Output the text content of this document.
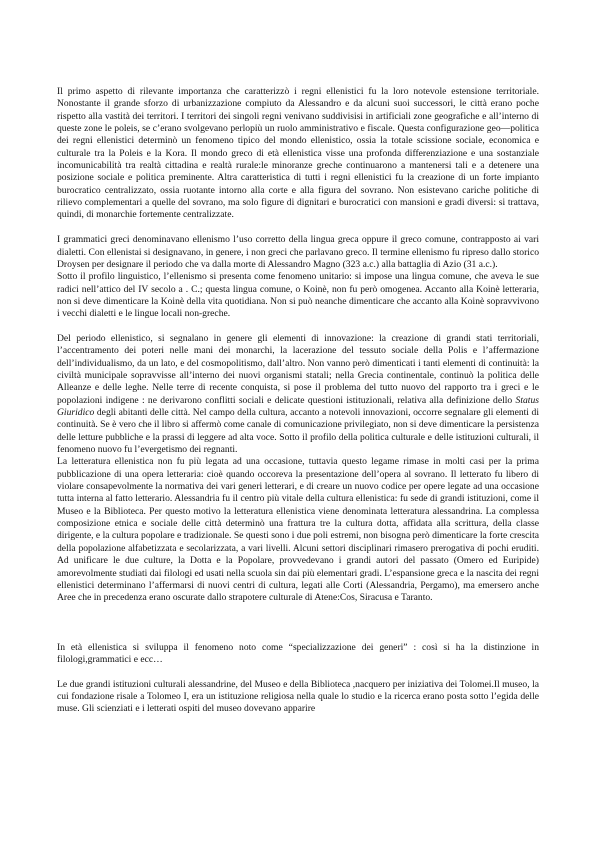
Il primo aspetto di rilevante importanza che caratterizzò i regni ellenistici fu la loro notevole estensione territoriale. Nonostante il grande sforzo di urbanizzazione compiuto da Alessandro e da alcuni suoi successori, le città erano poche rispetto alla vastità dei territori. I territori dei singoli regni venivano suddivisisi in artificiali zone geografiche e all’interno di queste zone le poleis, se c’erano svolgevano perlopiù un ruolo amministrativo e fiscale. Questa configurazione geo—politica dei regni ellenistici determinò un fenomeno tipico del mondo ellenistico, ossia la totale scissione sociale, economica e culturale tra la Poleis e la Kora. Il mondo greco di età ellenistica visse una profonda differenziazione e una sostanziale incomunicabilità tra realtà cittadina e realtà rurale:le minoranze greche continuarono a mantenersi tali e a detenere una posizione sociale e politica preminente. Altra caratteristica di tutti i regni ellenistici fu la creazione di un forte impianto burocratico centralizzato, ossia ruotante intorno alla corte e alla figura del sovrano. Non esistevano cariche politiche di rilievo complementari a quelle del sovrano, ma solo figure di dignitari e burocratici con mansioni e gradi diversi: si trattava, quindi, di monarchie fortemente centralizzate.

I grammatici greci denominavano ellenismo l’uso corretto della lingua greca oppure il greco comune, contrapposto ai vari dialetti. Con ellenistai si designavano, in genere, i non greci che parlavano greco. Il termine ellenismo fu ripreso dallo storico Droysen per designare il periodo che va dalla morte di Alessandro Magno (323 a.c.) alla battaglia di Azio (31 a.c.).
Sotto il profilo linguistico, l’ellenismo si presenta come fenomeno unitario: si impose una lingua comune, che aveva le sue radici nell’attico del IV secolo a . C.; questa lingua comune, o Koinè, non fu però omogenea. Accanto alla Koinè letteraria, non si deve dimenticare la Koinè della vita quotidiana. Non si può neanche dimenticare che accanto alla Koinè sopravvivono i vecchi dialetti e le lingue locali non-greche.

Del periodo ellenistico, si segnalano in genere gli elementi di innovazione: la creazione di grandi stati territoriali, l’accentramento dei poteri nelle mani dei monarchi, la lacerazione del tessuto sociale della Polis e l’affermazione dell’individualismo, da un lato, e del cosmopolitismo, dall’altro. Non vanno però dimenticati i tanti elementi di continuità: la civiltà municipale sopravvisse all’interno dei nuovi organismi statali; nella Grecia continentale, continuò la politica delle Alleanze e delle leghe. Nelle terre di recente conquista, si pose il problema del tutto nuovo del rapporto tra i greci e le popolazioni indigene : ne derivarono conflitti sociali e delicate questioni istituzionali, relativa alla definizione dello Status Giuridico degli abitanti delle città. Nel campo della cultura, accanto a notevoli innovazioni, occorre segnalare gli elementi di continuità. Se è vero che il libro si affermò come canale di comunicazione privilegiato, non si deve dimenticare la persistenza delle letture pubbliche e la prassi di leggere ad alta voce. Sotto il profilo della politica culturale e delle istituzioni culturali, il fenomeno nuovo fu l’evergetismo dei regnanti.
La letteratura ellenistica non fu più legata ad una occasione, tuttavia questo legame rimase in molti casi per la prima pubblicazione di una opera letteraria: cioè quando occoreva la presentazione dell’opera al sovrano. Il letterato fu libero di violare consapevolmente la normativa dei vari generi letterari, e di creare un nuovo codice per opere legate ad una occasione tutta interna al fatto letterario. Alessandria fu il centro più vitale della cultura ellenistica: fu sede di grandi istituzioni, come il Museo e la Biblioteca. Per questo motivo la letteratura ellenistica viene denominata letteratura alessandrina. La complessa composizione etnica e sociale delle città determinò una frattura tre la cultura dotta, affidata alla scrittura, della classe dirigente, e la cultura popolare e tradizionale. Se questi sono i due poli estremi, non bisogna però dimenticare la forte crescita della popolazione alfabetizzata e secolarizzata, a vari livelli. Alcuni settori disciplinari rimasero prerogativa di pochi eruditi. Ad unificare le due culture, la Dotta e la Popolare, provvedevano i grandi autori del passato (Omero ed Euripide) amorevolmente studiati dai filologi ed usati nella scuola sin dai più elementari gradi. L’espansione greca e la nascita dei regni ellenistici determinano l’affermarsi di nuovi centri di cultura, legati alle Corti (Alessandria, Pergamo), ma emersero anche Aree che in precedenza erano oscurate dallo strapotere culturale di Atene:Cos, Siracusa e Taranto.

In età ellenistica si sviluppa il fenomeno noto come “specializzazione dei generi” : così si ha la distinzione in filologi,grammatici e ecc…

Le due grandi istituzioni culturali alessandrine, del Museo e della Biblioteca ,nacquero per iniziativa dei Tolomei.Il museo, la cui fondazione risale a Tolomeo I, era un istituzione religiosa nella quale lo studio e la ricerca erano posta sotto l’egida delle muse. Gli scienziati e i letterati ospiti del museo dovevano apparire
